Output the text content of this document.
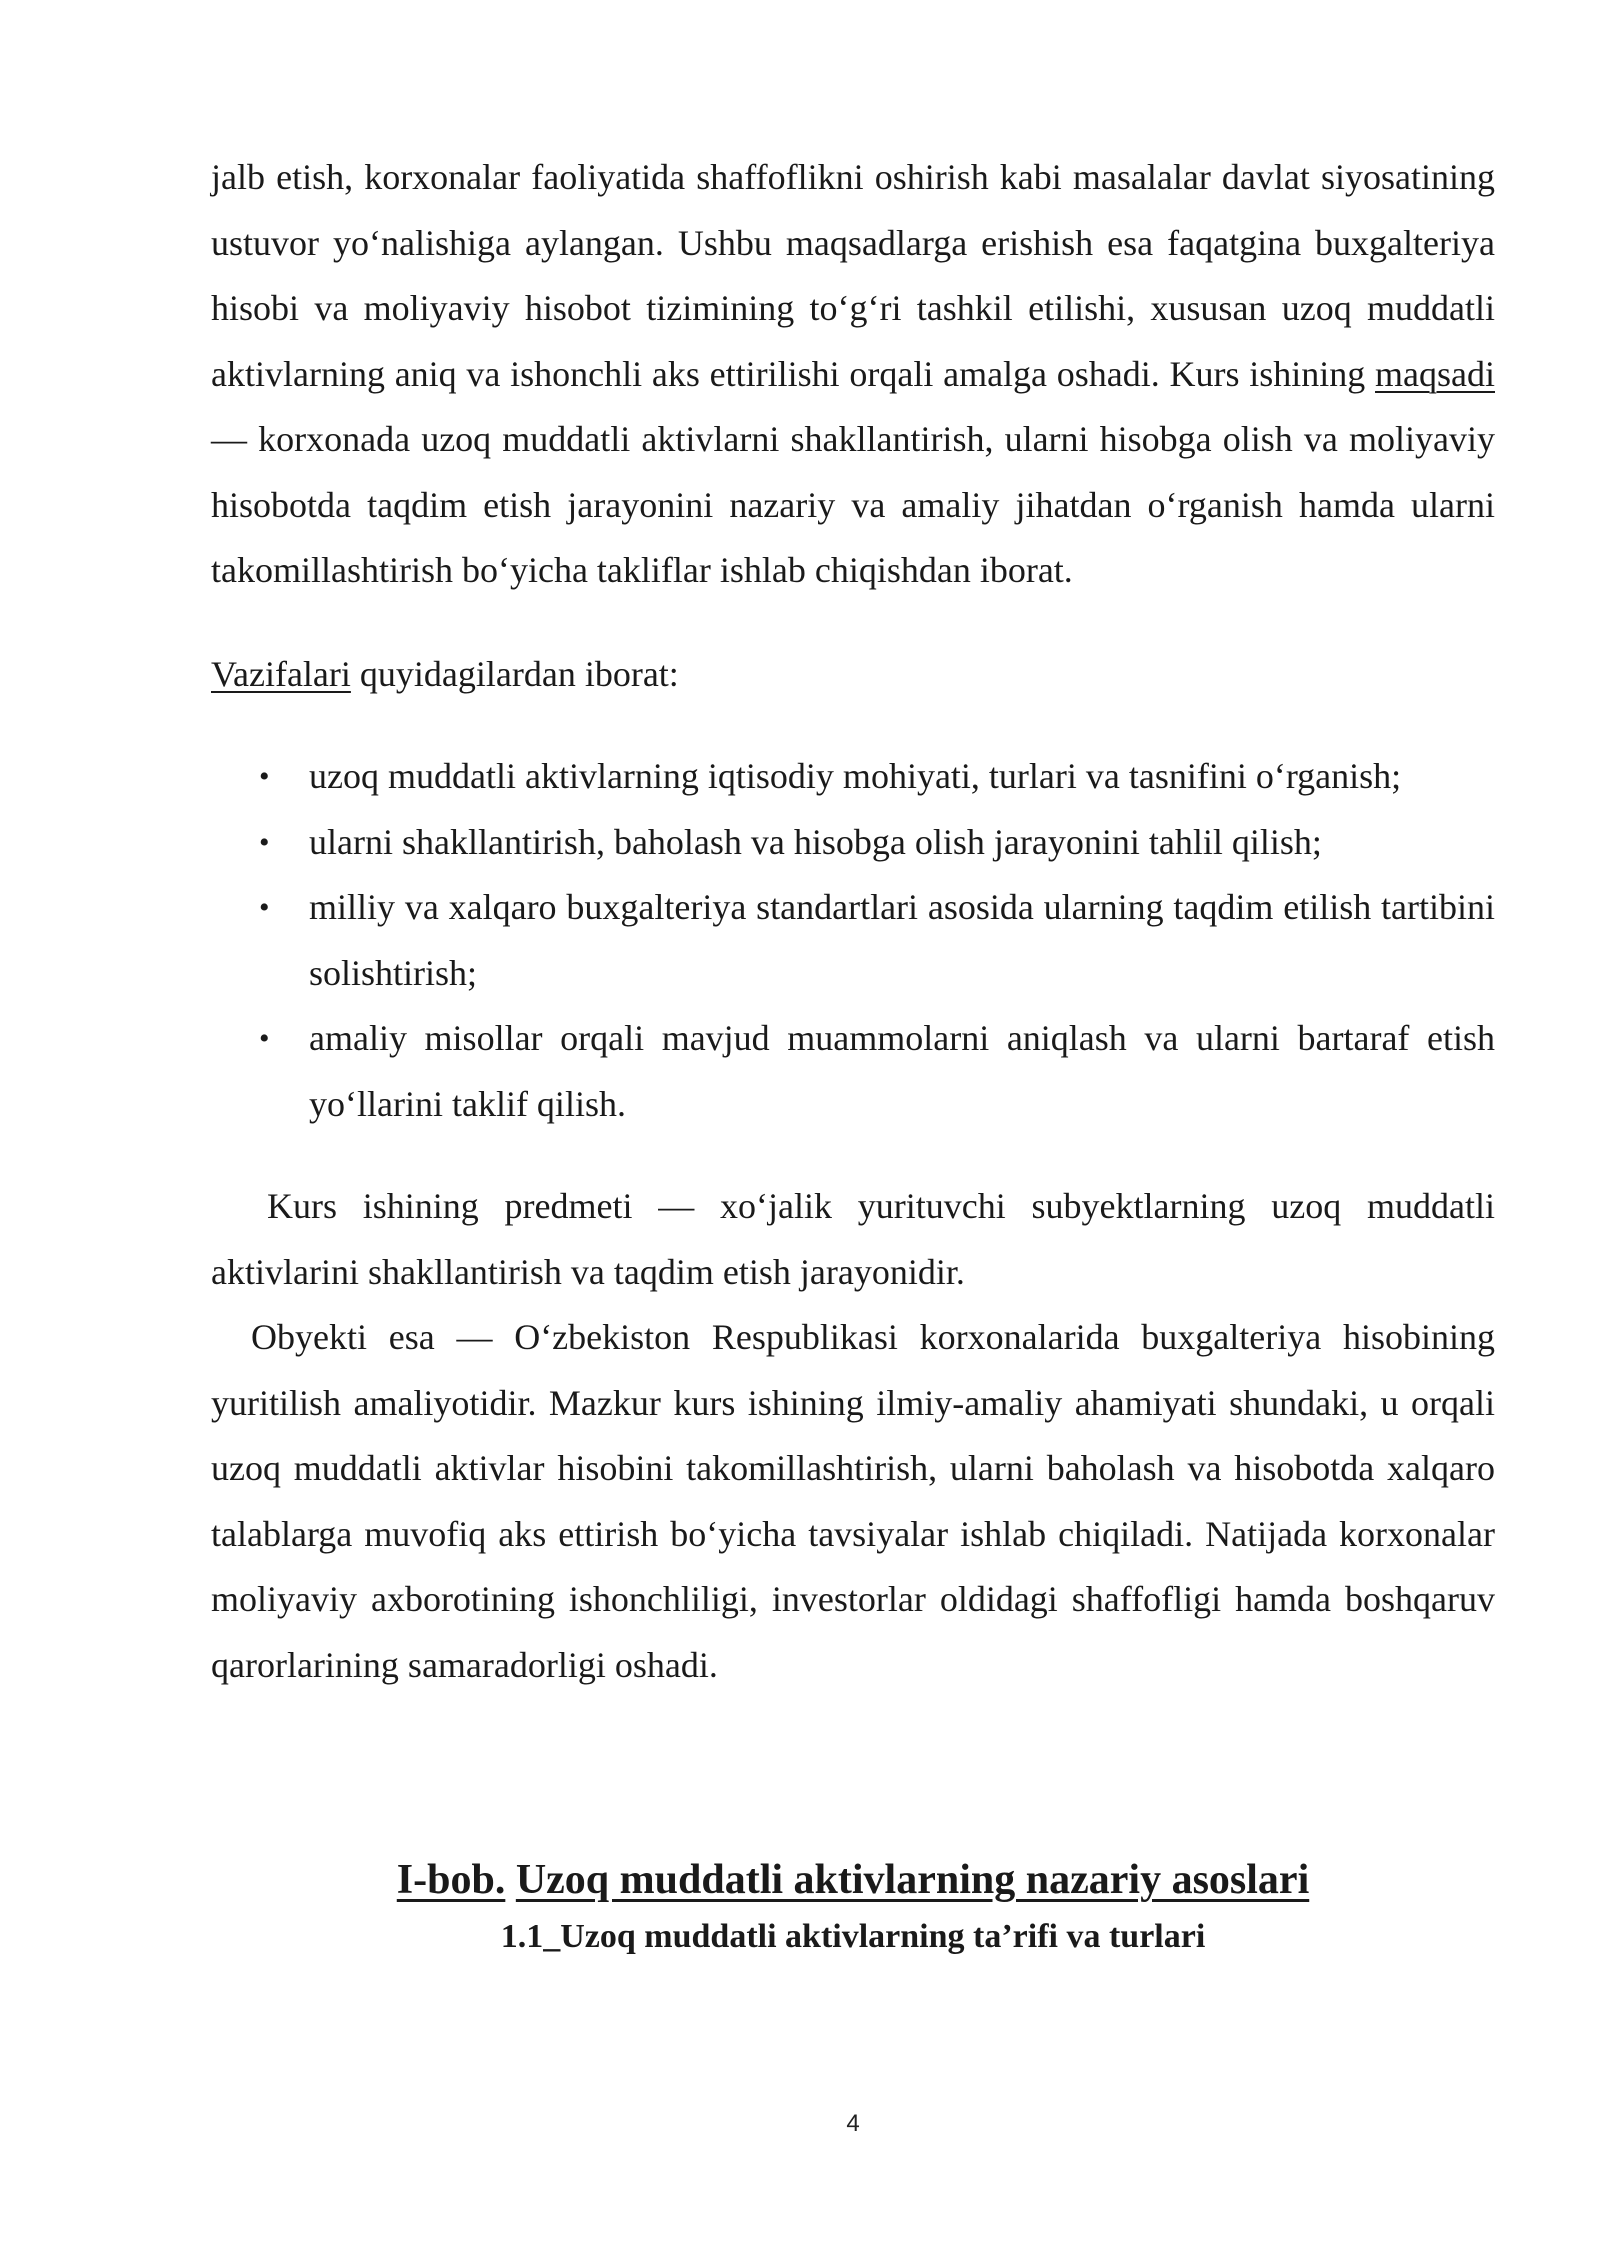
jalb etish, korxonalar faoliyatida shaffoflikni oshirish kabi masalalar davlat siyosatining ustuvor yo‘nalishiga aylangan. Ushbu maqsadlarga erishish esa faqatgina buxgalteriya hisobi va moliyaviy hisobot tizimining to‘g‘ri tashkil etilishi, xususan uzoq muddatli aktivlarning aniq va ishonchli aks ettirilishi orqali amalga oshadi. Kurs ishining maqsadi — korxonada uzoq muddatli aktivlarni shakllantirish, ularni hisobga olish va moliyaviy hisobotda taqdim etish jarayonini nazariy va amaliy jihatdan o‘rganish hamda ularni takomillashtirish bo‘yicha takliflar ishlab chiqishdan iborat.

Vazifalari quyidagilardan iborat:

• uzoq muddatli aktivlarning iqtisodiy mohiyati, turlari va tasnifini o‘rganish;
• ularni shakllantirish, baholash va hisobga olish jarayonini tahlil qilish;
• milliy va xalqaro buxgalteriya standartlari asosida ularning taqdim etilish tartibini solishtirish;
• amaliy misollar orqali mavjud muammolarni aniqlash va ularni bartaraf etish yo‘llarini taklif qilish.

Kurs ishining predmeti — xo‘jalik yurituvchi subyektlarning uzoq muddatli aktivlarini shakllantirish va taqdim etish jarayonidir.

Obyekti esa — O‘zbekiston Respublikasi korxonalarida buxgalteriya hisobining yuritilish amaliyotidir. Mazkur kurs ishining ilmiy-amaliy ahamiyati shundaki, u orqali uzoq muddatli aktivlar hisobini takomillashtirish, ularni baholash va hisobotda xalqaro talablarga muvofiq aks ettirish bo‘yicha tavsiyalar ishlab chiqiladi. Natijada korxonalar moliyaviy axborotining ishonchliligi, investorlar oldidagi shaffofligi hamda boshqaruv qarorlarining samaradorligi oshadi.

I-bob. Uzoq muddatli aktivlarning nazariy asoslari
1.1_Uzoq muddatli aktivlarning ta’rifi va turlari
4
